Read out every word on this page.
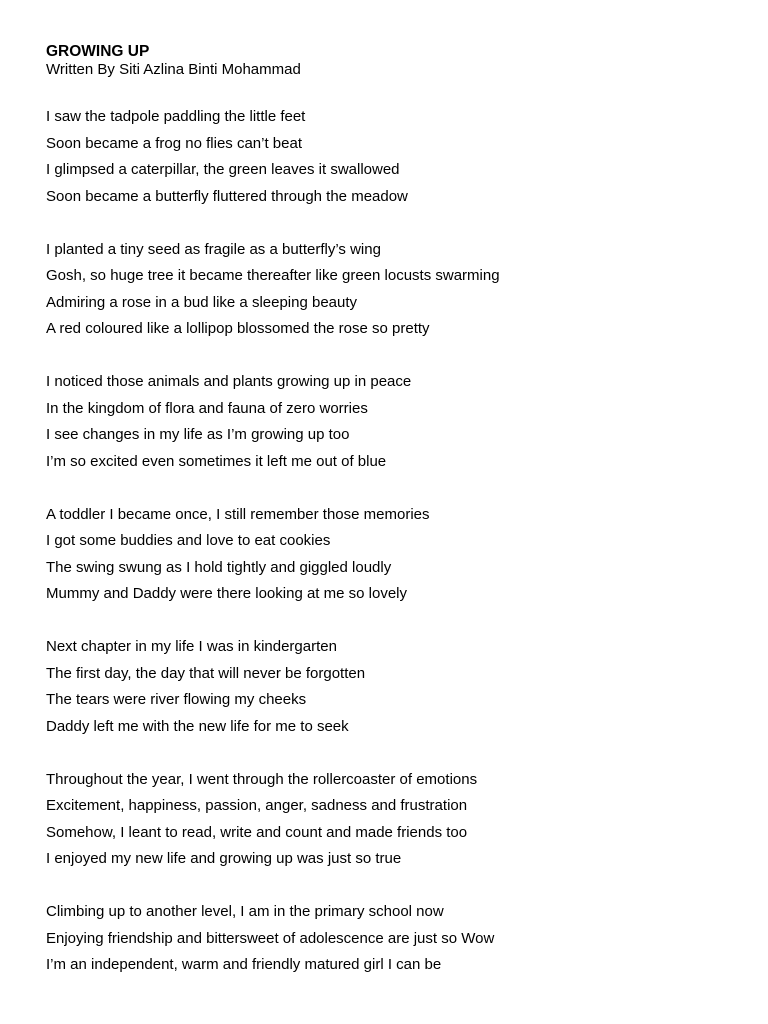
GROWING UP
Written By Siti Azlina Binti Mohammad
I saw the tadpole paddling the little feet
Soon became a frog no flies can’t beat
I glimpsed a caterpillar, the green leaves it swallowed
Soon became a butterfly fluttered through the meadow
I planted a tiny seed as fragile as a butterfly’s wing
Gosh, so huge tree it became thereafter like green locusts swarming
Admiring a rose in a bud like a sleeping beauty
A red coloured like a lollipop blossomed the rose so pretty
I noticed those animals and plants growing up in peace
In the kingdom of flora and fauna of zero worries
I see changes in my life as I’m growing up too
I’m so excited even sometimes it left me out of blue
A toddler I became once, I still remember those memories
I got some buddies and love to eat cookies
The swing swung as I hold tightly and giggled loudly
Mummy and Daddy were there looking at me so lovely
Next chapter in my life I was in kindergarten
The first day, the day that will never be forgotten
The tears were river flowing my cheeks
Daddy left me with the new life for me to seek
Throughout the year, I went through the rollercoaster of emotions
Excitement, happiness, passion, anger, sadness and frustration
Somehow, I leant to read, write and count and made friends too
I enjoyed my new life and growing up was just so true
Climbing up to another level, I am in the primary school now
Enjoying friendship and bittersweet of adolescence are just so Wow
I’m an independent, warm and friendly matured girl I can be
